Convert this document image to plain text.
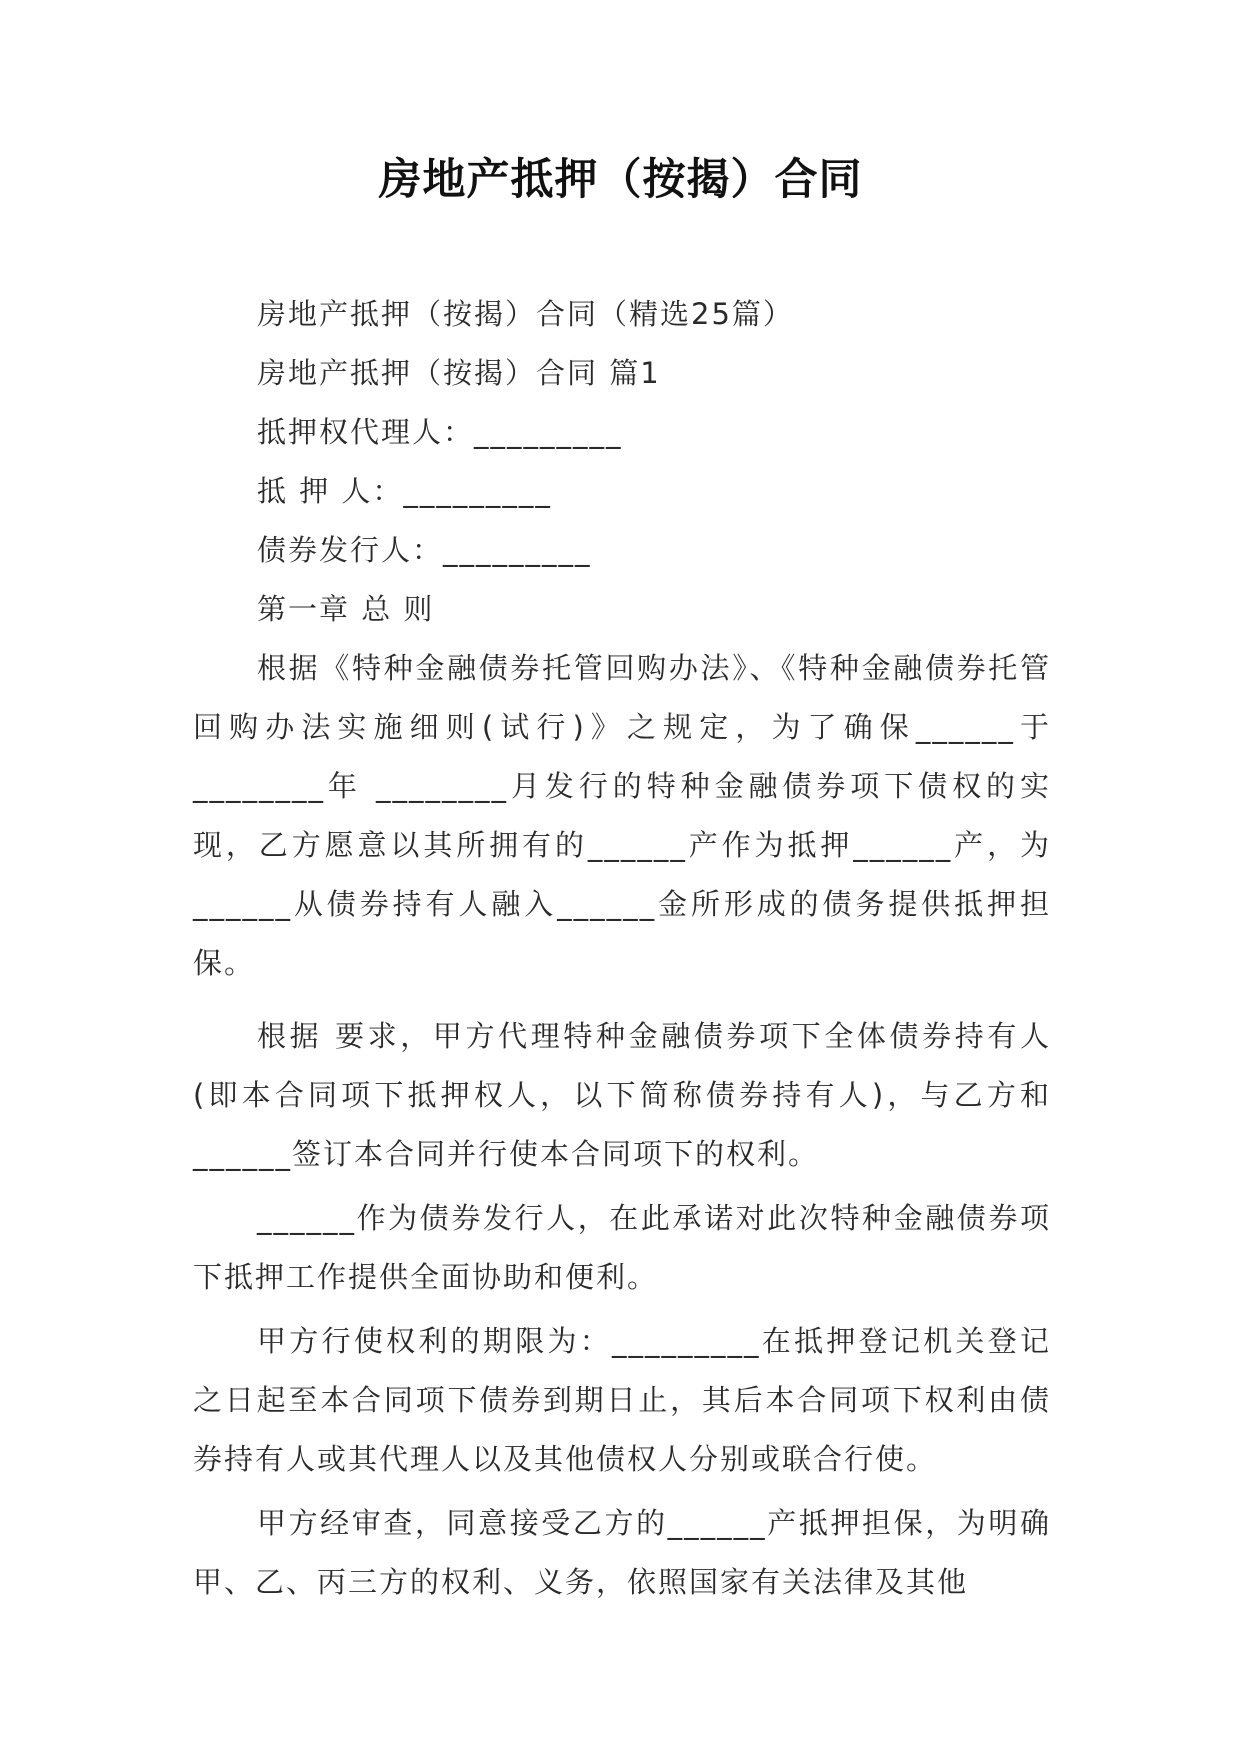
房地产抵押（按揭）合同

房地产抵押（按揭）合同（精选25篇）

房地产抵押（按揭）合同 篇1

抵押权代理人：_________

抵 押 人：_________

债券发行人：_________

第一章 总 则

根据《特种金融债券托管回购办法》、《特种金融债券托管回购办法实施细则(试行)》之规定，为了确保______于________年 ________月发行的特种金融债券项下债权的实现，乙方愿意以其所拥有的______产作为抵押______产，为______从债券持有人融入______金所形成的债务提供抵押担保。

根据 要求，甲方代理特种金融债券项下全体债券持有人(即本合同项下抵押权人，以下简称债券持有人)，与乙方和______签订本合同并行使本合同项下的权利。

______作为债券发行人，在此承诺对此次特种金融债券项下抵押工作提供全面协助和便利。

甲方行使权利的期限为：_________在抵押登记机关登记之日起至本合同项下债券到期日止，其后本合同项下权利由债券持有人或其代理人以及其他债权人分别或联合行使。

甲方经审查，同意接受乙方的______产抵押担保，为明确甲、乙、丙三方的权利、义务，依照国家有关法律及其他
